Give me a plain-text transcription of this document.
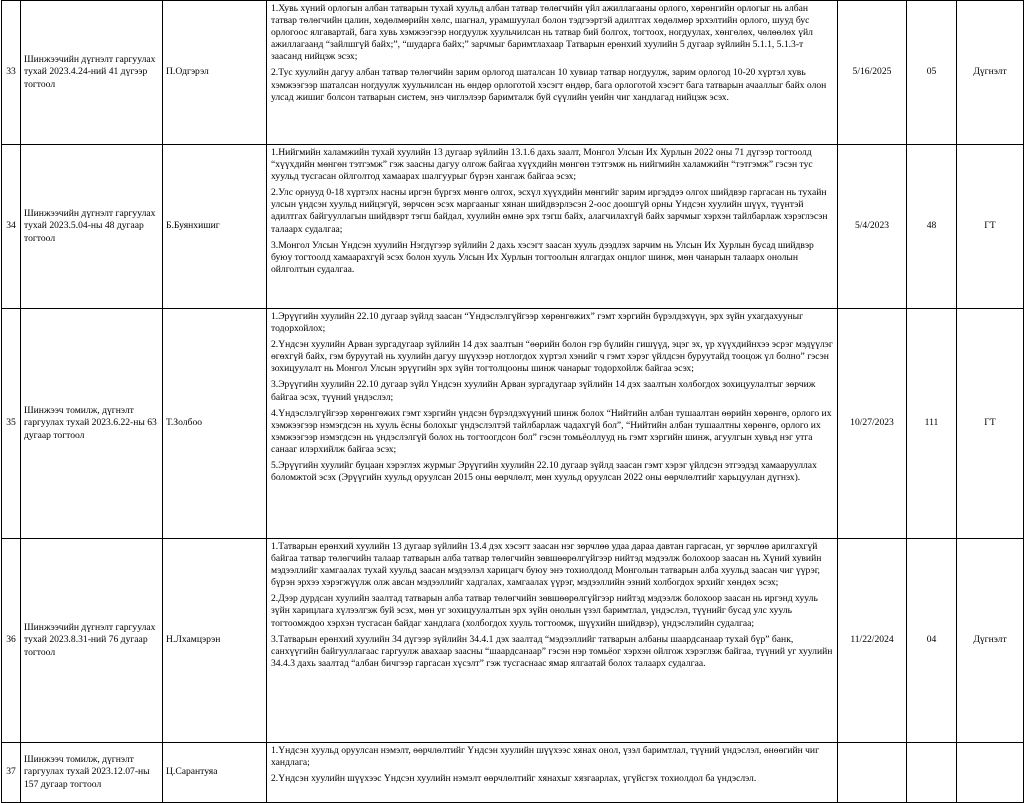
33	Шинжээчийн дүгнэлт гаргуулах тухай 2023.4.24-ний 41 дүгээр тогтоол	П.Одгэрэл	1.Хувь хүний орлогын албан татварын тухай хуульд албан татвар төлөгчийн үйл ажиллагааны орлого, хөрөнгийн орлогыг нь албан татвар төлөгчийн цалин, хөдөлмөрийн хөлс, шагнал, урамшуулал болон тэдгээртэй адилтгах хөдөлмөр эрхэлтийн орлого, шууд бус орлогоос ялгавартай, бага хувь хэмжээгээр ногдуулж хуульчилсан нь татвар бий болгох, тогтоох, ногдуулах, хөнгөлөх, чөлөөлөх үйл ажиллагаанд “зайлшгүй байх;”, “шударга байх;” зарчмыг баримтлахаар Татварын ерөнхий хуулийн 5 дугаар зүйлийн 5.1.1, 5.1.3-т заасанд нийцэж эсэх;
2.Тус хуулийн дагуу албан татвар төлөгчийн зарим орлогод шаталсан 10 хувиар татвар ногдуулж, зарим орлогод 10-20 хүртэл хувь хэмжээгээр шаталсан ногдуулж хуульчилсан нь өндөр орлоготой хэсэгт өндөр, бага орлоготой хэсэгт бага татварын ачааллыг байх олон улсад жишиг болсон татварын систем, энэ чиглэлээр баримталж буй сүүлийн үеийн чиг хандлагад нийцэж эсэх.	5/16/2025	05	Дүгнэлт
34	Шинжээчийн дүгнэлт гаргуулах тухай 2023.5.04-ны 48 дугаар тогтоол	Б.Буянхишиг	1.Нийгмийн халамжийн тухай хуулийн 13 дугаар зүйлийн 13.1.6 дахь заалт, Монгол Улсын Их Хурлын 2022 оны 71 дүгээр тогтоолд “хүүхдийн мөнгөн тэтгэмж” гэж заасны дагуу олгож байгаа хүүхдийн мөнгөн тэтгэмж нь нийгмийн халамжийн “тэтгэмж” гэсэн тус хуульд тусгасан ойлголтод хамаарах шалгуурыг бүрэн хангаж байгаа эсэх;
2.Улс орнууд 0-18 хүртэлх насны иргэн бүргэх мөнгө олгох, эсхүл хүүхдийн мөнгийг зарим иргэддээ олгох шийдвэр гаргасан нь тухайн улсын үндсэн хуульд нийцэгүй, зөрчсөн эсэх маргааныг хянан шийдвэрлэсэн 2-оос доошгүй орны Үндсэн хуулийн шүүх, түүнтэй адилтгах байгууллагын шийдвэрт тэгш байдал, хуулийн өмнө эрх тэгш байх, алагчилахгүй байх зарчмыг хэрхэн тайлбарлаж хэрэглэсэн талаарх судалгаа;
3.Монгол Улсын Үндсэн хуулийн Нэгдүгээр зүйлийн 2 дахь хэсэгт заасан хууль дээдлэх зарчим нь Улсын Их Хурлын бусад шийдвэр буюу тогтоолд хамаарахгүй эсэх болон хууль Улсын Их Хурлын тогтоолын ялгагдах онцлог шинж, мөн чанарын талаарх онолын ойлголтын судалгаа.	5/4/2023	48	ГТ
35	Шинжээч томилж, дүгнэлт гаргуулах тухай 2023.6.22-ны 63 дугаар тогтоол	Т.Золбоо	1.Эрүүгийн хуулийн 22.10 дугаар зүйлд заасан “Үндэслэлгүйгээр хөрөнгөжих” гэмт хэргийн бүрэлдэхүүн, эрх зүйн ухагдахууныг тодорхойлох;
2.Үндсэн хуулийн Арван зургадугаар зүйлийн 14 дэх заалтын “өөрийн болон гэр бүлийн гишүүд, эцэг эх, үр хүүхдийнхээ эсрэг мэдүүлэг өгөхгүй байх, гэм буруутай нь хуулийн дагуу шүүхээр нотлогдох хүртэл хэнийг ч гэмт хэрэг үйлдсэн буруутайд тооцож үл болно” гэсэн зохицуулалт нь Монгол Улсын эрүүгийн эрх зүйн тогтолцооны шинж чанарыг тодорхойлж байгаа эсэх;
3.Эрүүгийн хуулийн 22.10 дугаар зүйл Үндсэн хуулийн Арван зургадугаар зүйлийн 14 дэх заалтын холбогдох зохицуулалтыг зөрчиж байгаа эсэх, түүний үндэслэл;
4.Үндэслэлгүйгээр хөрөнгөжих гэмт хэргийн үндсэн бүрэлдэхүүний шинж болох “Нийтийн албан тушаалтан өөрийн хөрөнгө, орлого их хэмжээгээр нэмэгдсэн нь хууль ёсны болохыг үндэслэлтэй тайлбарлаж чадахгүй бол”, “Нийтийн албан тушаалтны хөрөнгө, орлого их хэмжээгээр нэмэгдсэн нь үндэслэлгүй болох нь тогтоогдсон бол” гэсэн томьёоллууд нь гэмт хэргийн шинж, агуулгын хувьд нэг утга санааг илэрхийлж байгаа эсэх;
5.Эрүүгийн хуулийг буцаан хэрэглэх журмыг Эрүүгийн хуулийн 22.10 дугаар зүйлд заасан гэмт хэрэг үйлдсэн этгээдэд хамаарууллах боломжтой эсэх (Эрүүгийн хуульд оруулсан 2015 оны өөрчлөлт, мөн хуульд оруулсан 2022 оны өөрчлөлтийг харьцуулан дүгнэх).	10/27/2023	111	ГТ
36	Шинжээчийн дүгнэлт гаргуулах тухай 2023.8.31-ний 76 дугаар тогтоол	Н.Лхамцэрэн	1.Татварын ерөнхий хуулийн 13 дугаар зүйлийн 13.4 дэх хэсэгт заасан нэг зөрчлөө удаа дараа давтан гаргасан, уг зөрчлөө арилгахгүй байгаа татвар төлөгчийн талаар татварын алба татвар төлөгчийн зөвшөөрөлгүйгээр нийтэд мэдээлж болохоор заасан нь Хүний хувийн мэдээллийг хамгаалах тухай хуульд заасан мэдээлэл харицагч буюу энэ тохиолдолд Монголын татварын алба хуульд заасан чиг үүрэг, бүрэн эрхээ хэрэгжүүлж олж авсан мэдээллийг хадгалах, хамгаалах үүрэг, мэдээллийн эзний холбогдох эрхийг хөндөх эсэх;
2.Дээр дурдсан хуулийн заалтад татварын алба татвар төлөгчийн зөвшөөрөлгүйгээр нийтэд мэдээлж болохоор заасан нь иргэнд хууль зүйн харицлага хүлээлгэж буй эсэх, мөн уг зохицуулалтын эрх зүйн онолын үзэл баримтлал, үндэслэл, түүнийг бусад улс хууль тогтоомждоо хэрхэн тусгасан байдаг хандлага (холбогдох хууль тогтоомж, шүүхийн шийдвэр), үндэслэлийн судалгаа;
3.Татварын ерөнхий хуулийн 34 дүгээр зүйлийн 34.4.1 дэх заалтад “мэдээллийг татварын албаны шаардсанаар тухай бүр” банк, санхүүгийн байгууллагаас гаргуулж авахаар заасны “шаардсанаар” гэсэн нэр томьёог хэрхэн ойлгож хэрэглэж байгаа, түүний уг хуулийн 34.4.3 дахь заалтад “албан бичгээр гаргасан хүсэлт” гэж тусгаснаас ямар ялгаатай болох талаарх судалгаа.	11/22/2024	04	Дүгнэлт
37	Шинжээч томилж, дүгнэлт гаргуулах тухай 2023.12.07-ны 157 дугаар тогтоол	Ц.Сарантуяа	1.Үндсэн хуульд оруулсан нэмэлт, өөрчлөлтийг Үндсэн хуулийн шүүхээс хянах онол, үзэл баримтлал, түүний үндэслэл, өнөөгийн чиг хандлага;
2.Үндсэн хуулийн шүүхээс Үндсэн хуулийн нэмэлт өөрчлөлтийг хянахыг хязгаарлах, үгүйсгэх тохиолдол ба үндэслэл.			
